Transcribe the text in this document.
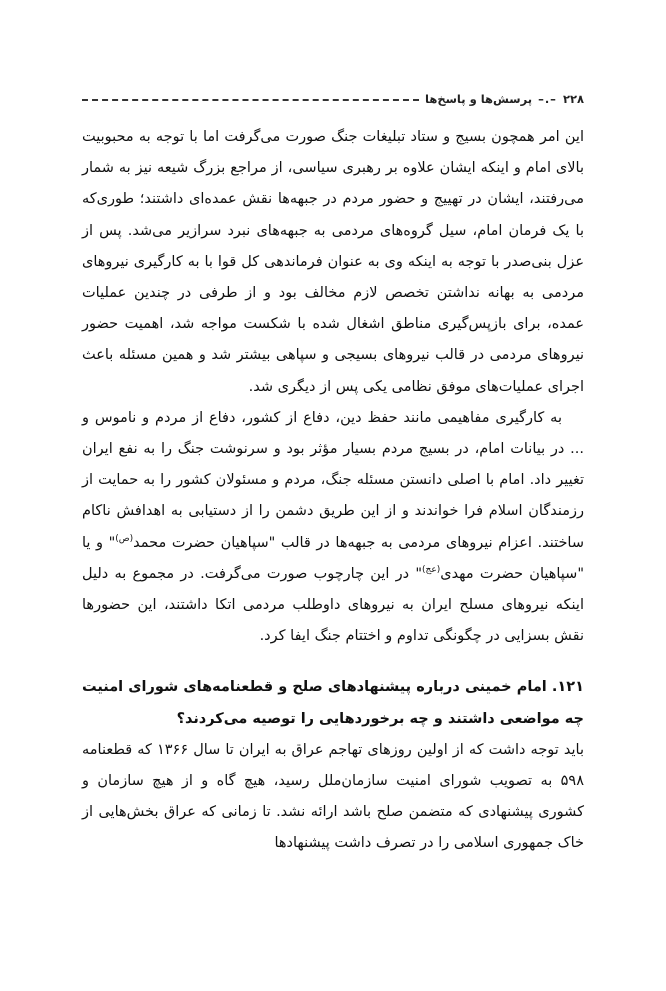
۲۲۸
–.–
پرسش‌ها و پاسخ‌ها

این امر همچون بسیج و ستاد تبلیغات جنگ صورت می‌گرفت اما با توجه به محبوبیت بالای امام و اینکه ایشان علاوه بر رهبری سیاسی، از مراجع بزرگ شیعه نیز به شمار می‌رفتند، ایشان در تهییج و حضور مردم در جبهه‌ها نقش عمده‌ای داشتند؛ طوری‌که با یک فرمان امام، سیل گروه‌های مردمی به جبهه‌های نبرد سرازیر می‌شد. پس از عزل بنی‌صدر با توجه به اینکه وی به عنوان فرماندهی کل قوا با به کارگیری نیروهای مردمی به بهانه نداشتن تخصص لازم مخالف بود و از طرفی در چندین عملیات عمده، برای بازپس‌گیری مناطق اشغال شده با شکست مواجه شد، اهمیت حضور نیروهای مردمی در قالب نیروهای بسیجی و سپاهی بیشتر شد و همین مسئله باعث اجرای عملیات‌های موفق نظامی یکی پس از دیگری شد.

به کارگیری مفاهیمی مانند حفظ دین، دفاع از کشور، دفاع از مردم و ناموس و ... در بیانات امام، در بسیج مردم بسیار مؤثر بود و سرنوشت جنگ را به نفع ایران تغییر داد. امام با اصلی دانستن مسئله جنگ، مردم و مسئولان کشور را به حمایت از رزمندگان اسلام فرا خواندند و از این طریق دشمن را از دستیابی به اهدافش ناکام ساختند. اعزام نیروهای مردمی به جبهه‌ها در قالب "سپاهیان حضرت محمد$^{(ص)}$" و یا "سپاهیان حضرت مهدی$^{(عج)}$" در این چارچوب صورت می‌گرفت. در مجموع به دلیل اینکه نیروهای مسلح ایران به نیروهای داوطلب مردمی اتکا داشتند، این حضورها نقش بسزایی در چگونگی تداوم و اختتام جنگ ایفا کرد.

۱۲۱. امام خمینی درباره پیشنهادهای صلح و قطعنامه‌های شورای امنیت چه مواضعی داشتند و چه برخوردهایی را توصیه می‌کردند؟

باید توجه داشت که از اولین روزهای تهاجم عراق به ایران تا سال ۱۳۶۶ که قطعنامه ۵۹۸ به تصویب شورای امنیت سازمان‌ملل رسید، هیچ گاه و از هیچ سازمان و کشوری پیشنهادی که متضمن صلح باشد ارائه نشد. تا زمانی که عراق بخش‌هایی از خاک جمهوری اسلامی را در تصرف داشت پیشنهادها
